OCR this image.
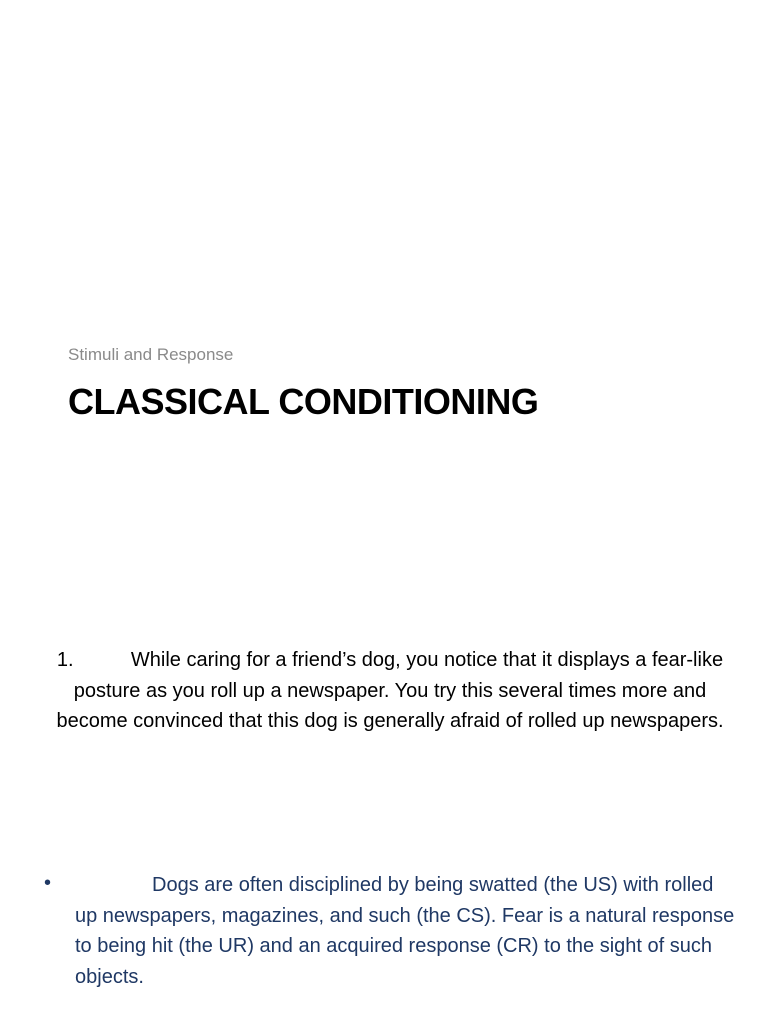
Stimuli and Response
CLASSICAL CONDITIONING
1.	While caring for a friend’s dog, you notice that it displays a fear-like posture as you roll up a newspaper. You try this several times more and become convinced that this dog is generally afraid of rolled up newspapers.
•	Dogs are often disciplined by being swatted (the US) with rolled up newspapers, magazines, and such (the CS). Fear is a natural response to being hit (the UR) and an acquired response (CR) to the sight of such objects.
